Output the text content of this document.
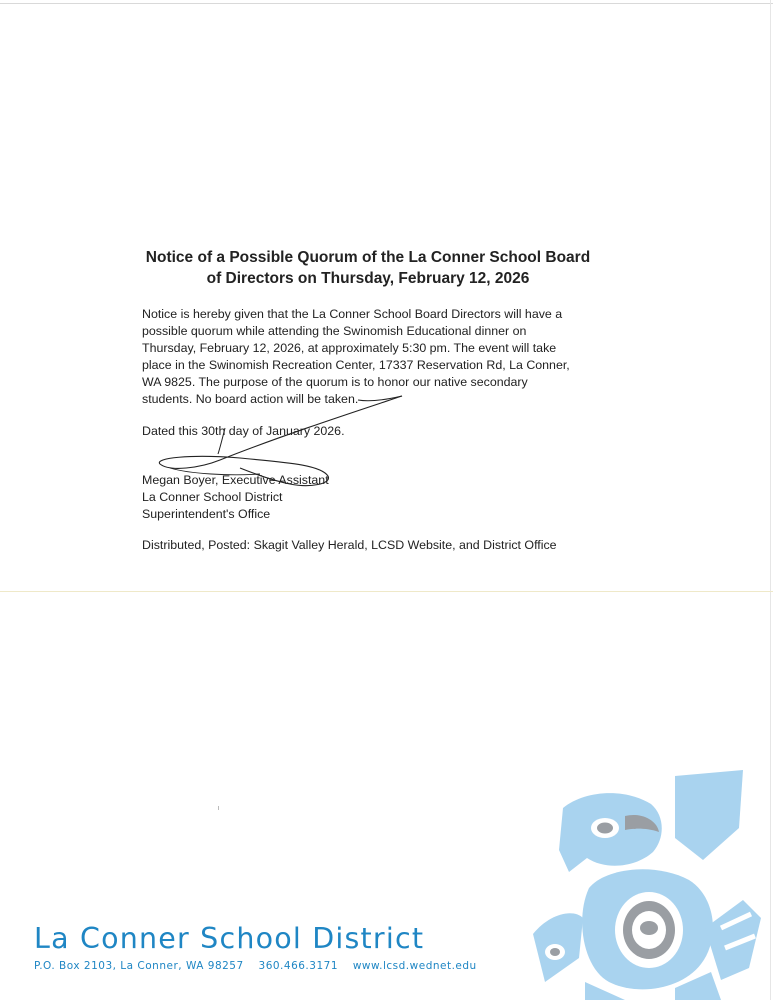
Notice of a Possible Quorum of the La Conner School Board
of Directors on Thursday, February 12, 2026
Notice is hereby given that the La Conner School Board Directors will have a
possible quorum while attending the Swinomish Educational dinner on
Thursday, February 12, 2026, at approximately 5:30 pm. The event will take
place in the Swinomish Recreation Center, 17337 Reservation Rd, La Conner,
WA 9825. The purpose of the quorum is to honor our native secondary
students. No board action will be taken.
Dated this 30th day of January 2026.
Megan Boyer, Executive Assistant
La Conner School District
Superintendent's Office
Distributed, Posted: Skagit Valley Herald, LCSD Website, and District Office
La Conner School District
P.O. Box 2103, La Conner, WA 98257 360.466.3171 www.lcsd.wednet.edu
